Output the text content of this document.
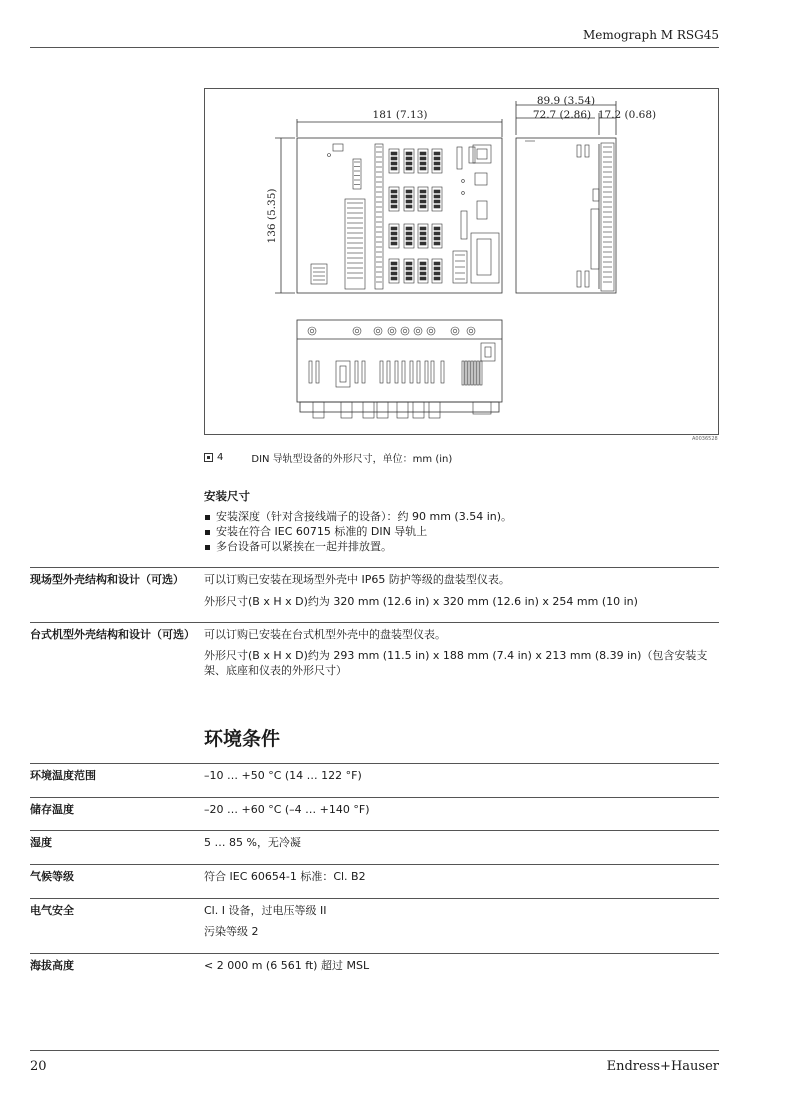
Memograph M RSG45
181 (7.13)
136 (5.35)
89.9 (3.54)
72.7 (2.86) 17.2 (0.68)
A0036528
4	DIN 导轨型设备的外形尺寸，单位：mm (in)
安装尺寸
安装深度（针对含接线端子的设备）：约 90 mm (3.54 in)。
安装在符合 IEC 60715 标准的 DIN 导轨上
多台设备可以紧挨在一起并排放置。
现场型外壳结构和设计（可选）	可以订购已安装在现场型外壳中 IP65 防护等级的盘装型仪表。
外形尺寸(B x H x D)约为 320 mm (12.6 in) x 320 mm (12.6 in) x 254 mm (10 in)
台式机型外壳结构和设计（可选） 可以订购已安装在台式机型外壳中的盘装型仪表。
外形尺寸(B x H x D)约为 293 mm (11.5 in) x 188 mm (7.4 in) x 213 mm (8.39 in)（包含安装支架、底座和仪表的外形尺寸）
环境条件
环境温度范围	–10 … +50 °C (14 … 122 °F)
储存温度	–20 … +60 °C (–4 … +140 °F)
湿度	5 … 85 %，无冷凝
气候等级	符合 IEC 60654-1 标准：Cl. B2
电气安全	Cl. I 设备，过电压等级 II
污染等级 2
海拔高度	< 2 000 m (6 561 ft) 超过 MSL
20	Endress+Hauser
